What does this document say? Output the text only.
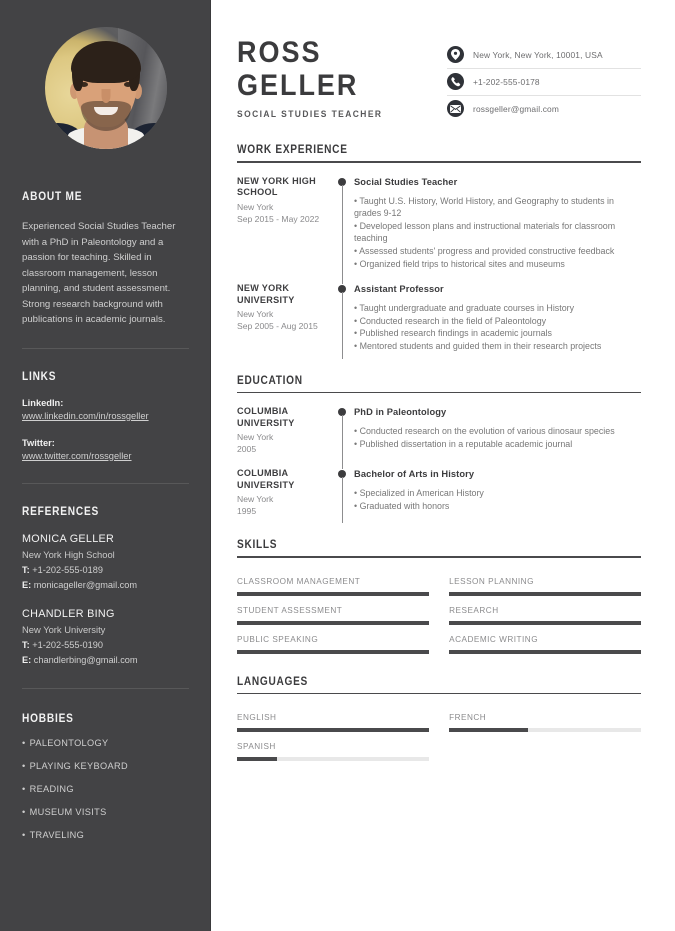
ABOUT ME
Experienced Social Studies Teacher with a PhD in Paleontology and a passion for teaching. Skilled in classroom management, lesson planning, and student assessment. Strong research background with publications in academic journals.
LINKS
LinkedIn:
www.linkedin.com/in/rossgeller
Twitter:
www.twitter.com/rossgeller
REFERENCES
MONICA GELLER
New York High School
T: +1-202-555-0189
E: monicageller@gmail.com
CHANDLER BING
New York University
T: +1-202-555-0190
E: chandlerbing@gmail.com
HOBBIES
• PALEONTOLOGY
• PLAYING KEYBOARD
• READING
• MUSEUM VISITS
• TRAVELING
ROSS
GELLER
SOCIAL STUDIES TEACHER
New York, New York, 10001, USA
+1-202-555-0178
rossgeller@gmail.com
WORK EXPERIENCE
NEW YORK HIGH SCHOOL
New York
Sep 2015 - May 2022
Social Studies Teacher
• Taught U.S. History, World History, and Geography to students in grades 9-12
• Developed lesson plans and instructional materials for classroom teaching
• Assessed students' progress and provided constructive feedback
• Organized field trips to historical sites and museums
NEW YORK UNIVERSITY
New York
Sep 2005 - Aug 2015
Assistant Professor
• Taught undergraduate and graduate courses in History
• Conducted research in the field of Paleontology
• Published research findings in academic journals
• Mentored students and guided them in their research projects
EDUCATION
COLUMBIA UNIVERSITY
New York
2005
PhD in Paleontology
• Conducted research on the evolution of various dinosaur species
• Published dissertation in a reputable academic journal
COLUMBIA UNIVERSITY
New York
1995
Bachelor of Arts in History
• Specialized in American History
• Graduated with honors
SKILLS
CLASSROOM MANAGEMENT	LESSON PLANNING
STUDENT ASSESSMENT	RESEARCH
PUBLIC SPEAKING	ACADEMIC WRITING
LANGUAGES
ENGLISH	FRENCH
SPANISH
